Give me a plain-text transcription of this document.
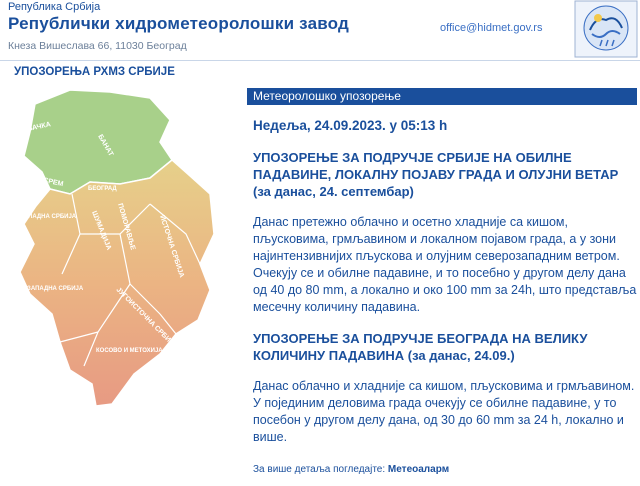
Република Србија
Републички хидрометеоролошки завод
Кнеза Вишеслава 66, 11030 Београд
office@hidmet.gov.rs
УПОЗОРЕЊА РХМЗ СРБИЈЕ
БАЧКА
БАНАТ
СРЕМ
БЕОГРАД
ЗАПАДНА СРБИЈА ШУМАДИЈА ПОМОРАВЉЕ	ИСТОЧНА СРБИЈА
ЈУГОЗАПАДНА СРБИЈА	ЈУГОИСТОЧНА СРБИЈА
КОСОВО И МЕТОХИЈА
Метеоролошко упозорење
Недеља, 24.09.2023. у 05:13 h
УПОЗОРЕЊЕ ЗА ПОДРУЧЈЕ СРБИЈЕ НА ОБИЛНЕ ПАДАВИНЕ, ЛОКАЛНУ ПОЈАВУ ГРАДА И ОЛУЈНИ ВЕТАР (за данас, 24. септембар)
Данас претежно облачно и осетно хладније са кишом, пљусковима, грмљавином и локалном појавом града, а у зони најинтензивнијих пљускова и олујним северозападним ветром. Очекују се и обилне падавине, и то посебно у другом делу дана од 40 до 80 mm, а локално и око 100 mm за 24h, што представља месечну количину падавина.
УПОЗОРЕЊЕ ЗА ПОДРУЧЈЕ БЕОГРАДА НА ВЕЛИКУ КОЛИЧИНУ ПАДАВИНА (за данас, 24.09.)
Данас облачно и хладније са кишом, пљусковима и грмљавином. У појединим деловима града очекују се обилне падавине, у то посебон у другом делу дана, од 30 до 60 mm за 24 h, локално и више.
За више детаља погледајте: Метеоаларм
